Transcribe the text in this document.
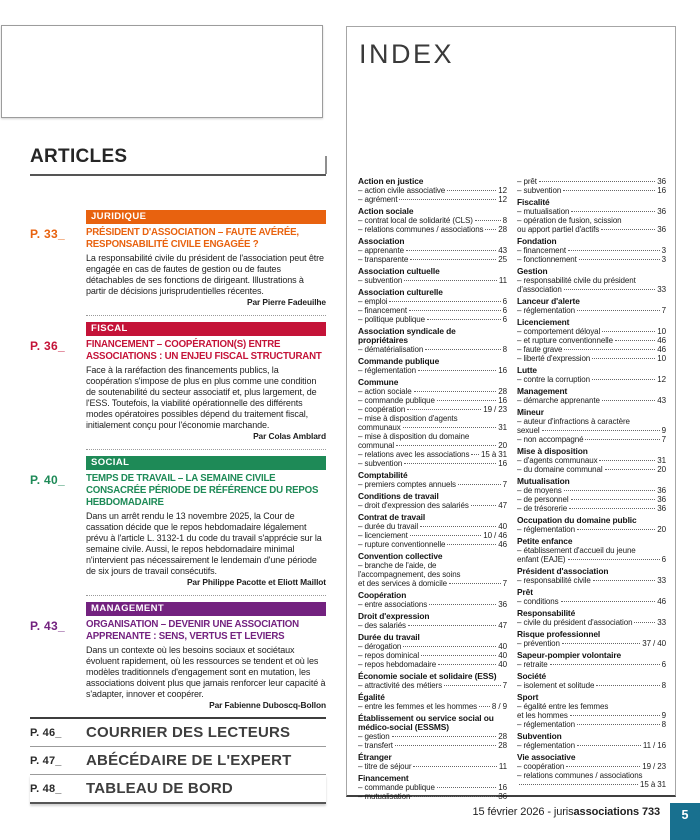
ARTICLES
P. 33_
JURIDIQUE
PRÉSIDENT D'ASSOCIATION – FAUTE AVÉRÉE,
RESPONSABILITÉ CIVILE ENGAGÉE ?
La responsabilité civile du président de l'association peut être engagée en cas de fautes de gestion ou de fautes détachables de ses fonctions de dirigeant. Illustrations à partir de décisions jurisprudentielles récentes.
Par Pierre Fadeuilhe
P. 36_
FISCAL
FINANCEMENT – COOPÉRATION(S) ENTRE
ASSOCIATIONS : UN ENJEU FISCAL STRUCTURANT
Face à la raréfaction des financements publics, la coopération s'impose de plus en plus comme une condition de soutenabilité du secteur associatif et, plus largement, de l'ESS. Toutefois, la viabilité opérationnelle des différents modes opératoires possibles dépend du traitement fiscal, initialement conçu pour l'économie marchande.
Par Colas Amblard
P. 40_
SOCIAL
TEMPS DE TRAVAIL – LA SEMAINE CIVILE
CONSACRÉE PÉRIODE DE RÉFÉRENCE DU REPOS
HEBDOMADAIRE
Dans un arrêt rendu le 13 novembre 2025, la Cour de cassation décide que le repos hebdomadaire légalement prévu à l'article L. 3132-1 du code du travail s'apprécie sur la semaine civile. Aussi, le repos hebdomadaire minimal n'intervient pas nécessairement le lendemain d'une période de six jours de travail consécutifs.
Par Philippe Pacotte et Eliott Maillot
P. 43_
MANAGEMENT
ORGANISATION – DEVENIR UNE ASSOCIATION
APPRENANTE : SENS, VERTUS ET LEVIERS
Dans un contexte où les besoins sociaux et sociétaux évoluent rapidement, où les ressources se tendent et où les modèles traditionnels d'engagement sont en mutation, les associations doivent plus que jamais renforcer leur capacité à s'adapter, innover et coopérer.
Par Fabienne Duboscq-Bollon
P. 46_	COURRIER DES LECTEURS
P. 47_	ABÉCÉDAIRE DE L'EXPERT
P. 48_	TABLEAU DE BORD
INDEX
Action en justice
– action civile associative	12
– agrément	12
Action sociale
– contrat local de solidarité (CLS)	8
– relations communes / associations 28
Association
– apprenante	43
– transparente	25
Association cultuelle
– subvention	11
Association culturelle
– emploi	6
– financement	6
– politique publique	6
Association syndicale de propriétaires
– dématérialisation	8
Commande publique
– réglementation	16
Commune
– action sociale	28
– commande publique	16
– coopération	19 / 23
– mise à disposition d'agents
communaux	31
– mise à disposition du domaine
communal	20
– relations avec les associations 15 à 31
– subvention	16
Comptabilité
– premiers comptes annuels	7
Conditions de travail
– droit d'expression des salariés	47
Contrat de travail
– durée du travail	40
– licenciement	10 / 46
– rupture conventionnelle	46
Convention collective
– branche de l'aide, de
l'accompagnement, des soins
et des services à domicile	7
Coopération
– entre associations	36
Droit d'expression
– des salariés	47
Durée du travail
– dérogation	40
– repos dominical	40
– repos hebdomadaire	40
Économie sociale et solidaire (ESS)
– attractivité des métiers	7
Égalité
– entre les femmes et les hommes 8 / 9
Établissement ou service social ou médico-social (ESSMS)
– gestion	28
– transfert	28
Étranger
– titre de séjour	11
Financement
– commande publique	16
– mutualisation	36
– prêt	36
– subvention	16
Fiscalité
– mutualisation	36
– opération de fusion, scission
ou apport partiel d'actifs	36
Fondation
– financement	3
– fonctionnement	3
Gestion
– responsabilité civile du président
d'association	33
Lanceur d'alerte
– réglementation	7
Licenciement
– comportement déloyal	10
– et rupture conventionnelle	46
– faute grave	46
– liberté d'expression	10
Lutte
– contre la corruption	12
Management
– démarche apprenante	43
Mineur
– auteur d'infractions à caractère
sexuel	9
– non accompagné	7
Mise à disposition
– d'agents communaux	31
– du domaine communal	20
Mutualisation
– de moyens	36
– de personnel	36
– de trésorerie	36
Occupation du domaine public
– réglementation	20
Petite enfance
– établissement d'accueil du jeune
enfant (EAJE)	6
Président d'association
– responsabilité civile	33
Prêt
– conditions	46
Responsabilité
– civile du président d'association	33
Risque professionnel
– prévention	37 / 40
Sapeur-pompier volontaire
– retraite	6
Société
– isolement et solitude	8
Sport
– égalité entre les femmes
et les hommes	9
– réglementation	8
Subvention
– réglementation	11 / 16
Vie associative
– coopération	19 / 23
– relations communes / associations
15 à 31
15 février 2026 - jurisassociations 733	5
